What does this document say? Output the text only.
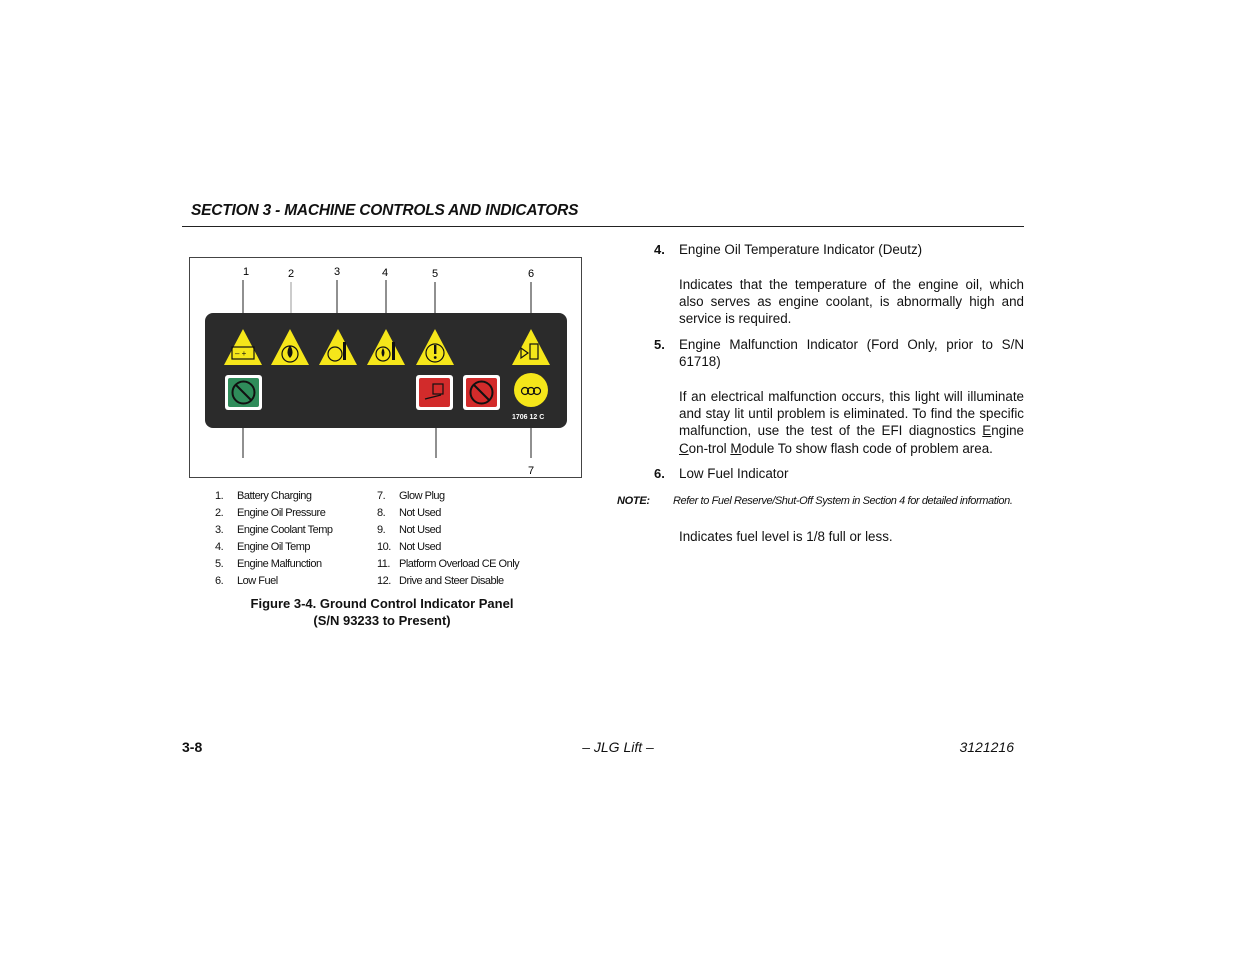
SECTION 3 - MACHINE CONTROLS AND INDICATORS
1	2	3	4	5	6
7
– +
1706 12 C
1. Battery Charging
2. Engine Oil Pressure
3. Engine Coolant Temp
4. Engine Oil Temp
5. Engine Malfunction
6. Low Fuel
7. Glow Plug
8. Not Used
9. Not Used
10. Not Used
11. Platform Overload CE Only
12. Drive and Steer Disable
Figure 3-4. Ground Control Indicator Panel
(S/N 93233 to Present)
4. Engine Oil Temperature Indicator (Deutz)
Indicates that the temperature of the engine oil, which also serves as engine coolant, is abnormally high and service is required.
5. Engine Malfunction Indicator (Ford Only, prior to S/N 61718)
If an electrical malfunction occurs, this light will illuminate and stay lit until problem is eliminated. To find the specific malfunction, use the test of the EFI diagnostics Engine Con-trol Module To show flash code of problem area.
6. Low Fuel Indicator
NOTE: Refer to Fuel Reserve/Shut-Off System in Section 4 for detailed information.
Indicates fuel level is 1/8 full or less.
3-8	– JLG Lift –	3121216
